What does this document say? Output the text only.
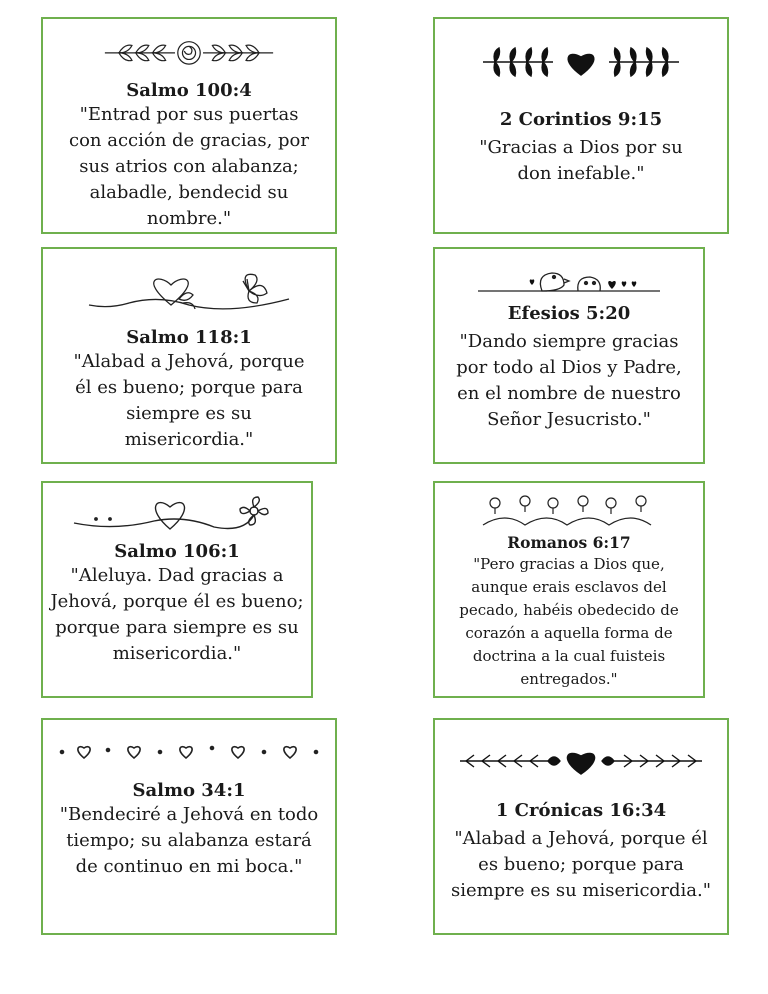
Salmo 100:4

"Entrad por sus puertas con acción de gracias, por sus atrios con alabanza; alabadle, bendecid su nombre."

2 Corintios 9:15

"Gracias a Dios por su don inefable."

Salmo 118:1

"Alabad a Jehová, porque él es bueno; porque para siempre es su misericordia."

Efesios 5:20

"Dando siempre gracias por todo al Dios y Padre, en el nombre de nuestro Señor Jesucristo."

Salmo 106:1

"Aleluya. Dad gracias a Jehová, porque él es bueno; porque para siempre es su misericordia."

Romanos 6:17

"Pero gracias a Dios que, aunque erais esclavos del pecado, habéis obedecido de corazón a aquella forma de doctrina a la cual fuisteis entregados."

Salmo 34:1

"Bendeciré a Jehová en todo tiempo; su alabanza estará de continuo en mi boca."

1 Crónicas 16:34

"Alabad a Jehová, porque él es bueno; porque para siempre es su misericordia."
